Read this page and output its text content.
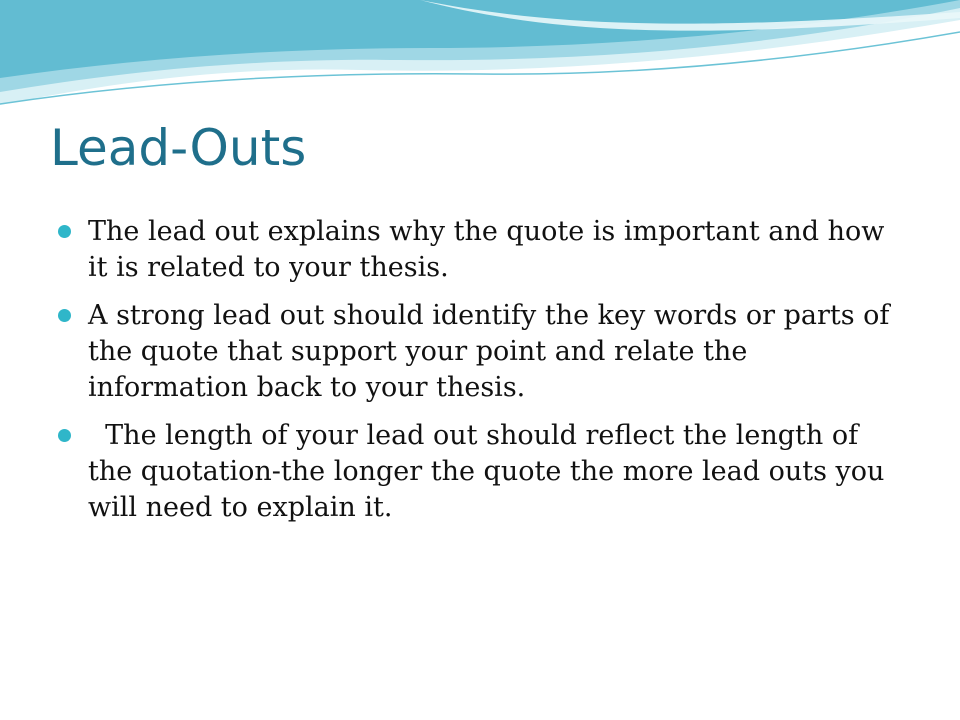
Lead-Outs
The lead out explains why the quote is important and how it is related to your thesis.
A strong lead out should identify the key words or parts of the quote that support your point and relate the information back to your thesis.
The length of your lead out should reflect the length of the quotation-the longer the quote the more lead outs you will need to explain it.
